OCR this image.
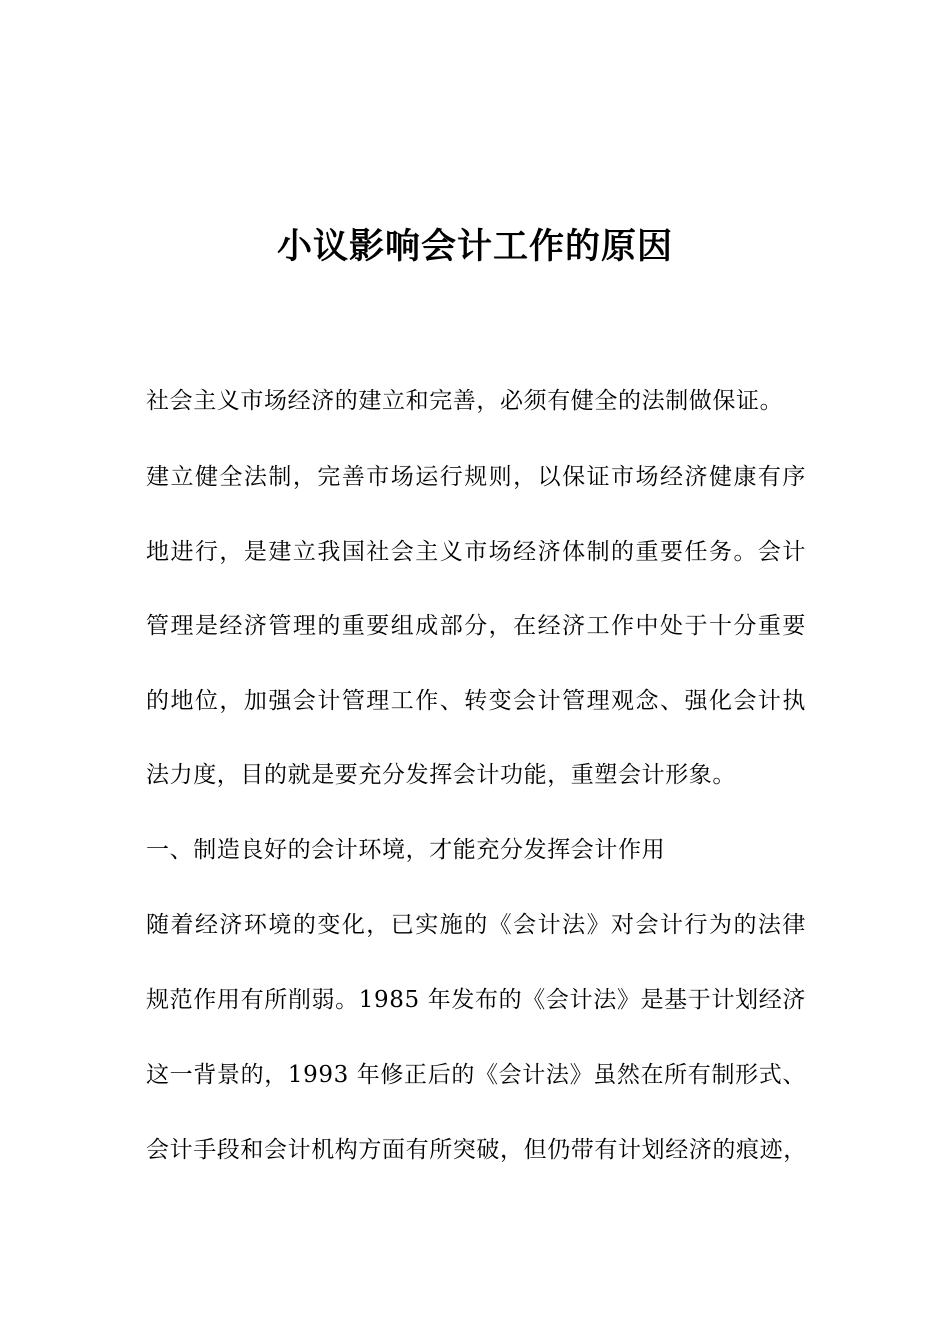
小议影响会计工作的原因
社会主义市场经济的建立和完善，必须有健全的法制做保证。
建立健全法制，完善市场运行规则，以保证市场经济健康有序
地进行，是建立我国社会主义市场经济体制的重要任务。会计
管理是经济管理的重要组成部分，在经济工作中处于十分重要
的地位，加强会计管理工作、转变会计管理观念、强化会计执
法力度，目的就是要充分发挥会计功能，重塑会计形象。
一、制造良好的会计环境，才能充分发挥会计作用
随着经济环境的变化，已实施的《会计法》对会计行为的法律
规范作用有所削弱。1985 年发布的《会计法》是基于计划经济
这一背景的，1993 年修正后的《会计法》虽然在所有制形式、
会计手段和会计机构方面有所突破，但仍带有计划经济的痕迹，
